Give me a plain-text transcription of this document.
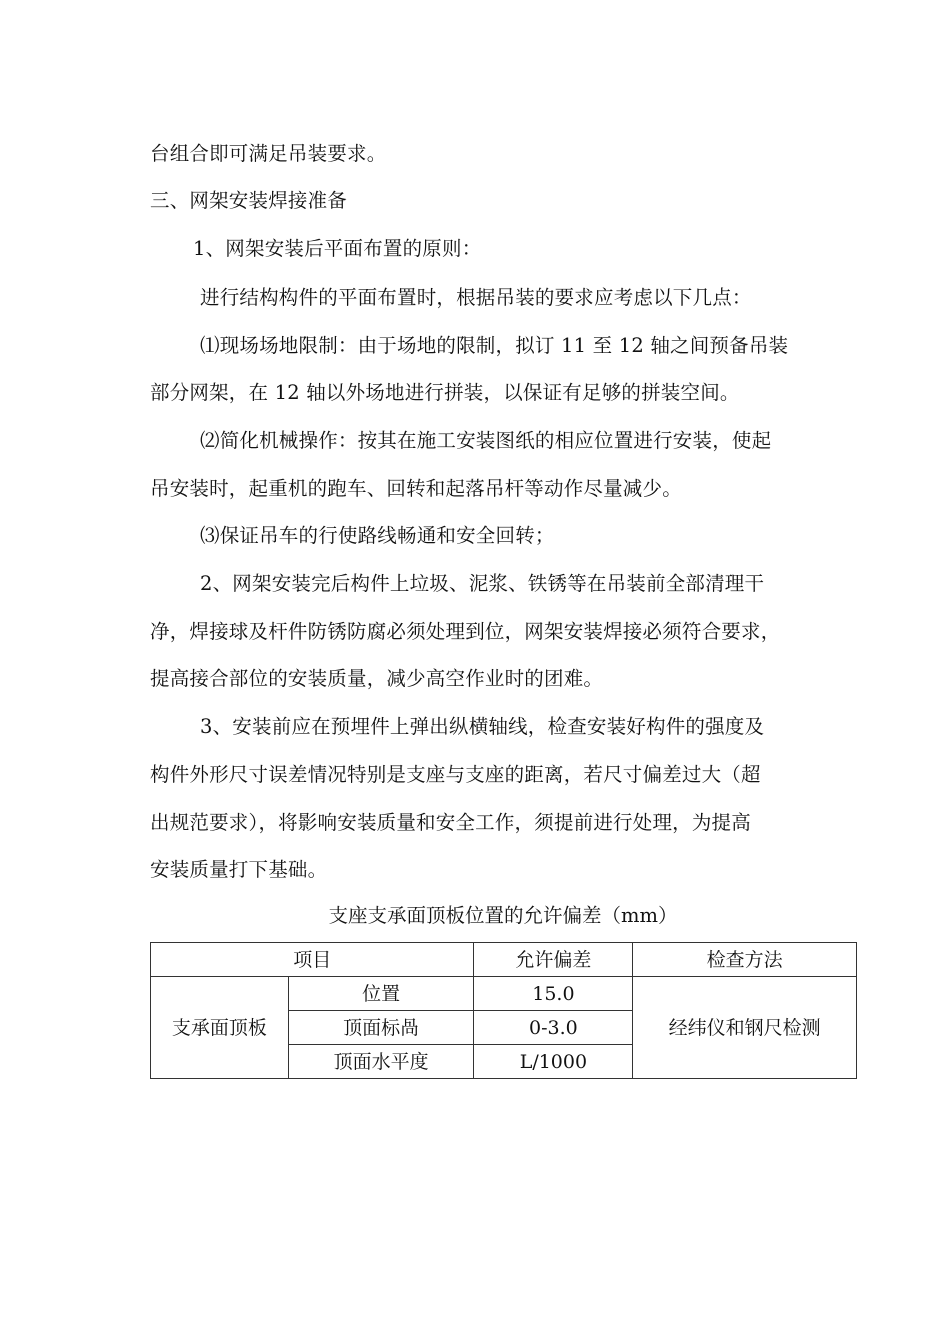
台组合即可满足吊装要求。
三、网架安装焊接准备
1、网架安装后平面布置的原则：
进行结构构件的平面布置时，根据吊装的要求应考虑以下几点：
⑴现场场地限制：由于场地的限制，拟订 11 至 12 轴之间预备吊装
部分网架，在 12 轴以外场地进行拼装，以保证有足够的拼装空间。
⑵简化机械操作：按其在施工安装图纸的相应位置进行安装，使起
吊安装时，起重机的跑车、回转和起落吊杆等动作尽量减少。
⑶保证吊车的行使路线畅通和安全回转；
2、网架安装完后构件上垃圾、泥浆、铁锈等在吊装前全部清理干
净，焊接球及杆件防锈防腐必须处理到位，网架安装焊接必须符合要求，
提高接合部位的安装质量，减少高空作业时的团难。
3、安装前应在预埋件上弹出纵横轴线，检查安装好构件的强度及
构件外形尺寸误差情况特别是支座与支座的距离，若尺寸偏差过大（超
出规范要求），将影响安装质量和安全工作，须提前进行处理，为提高
安装质量打下基础。
支座支承面顶板位置的允许偏差（mm）
项目		允许偏差	检查方法
支承面顶板	位置	15.0	经纬仪和钢尺检测
	顶面标咼	0-3.0	
	顶面水平度	L/1000	
